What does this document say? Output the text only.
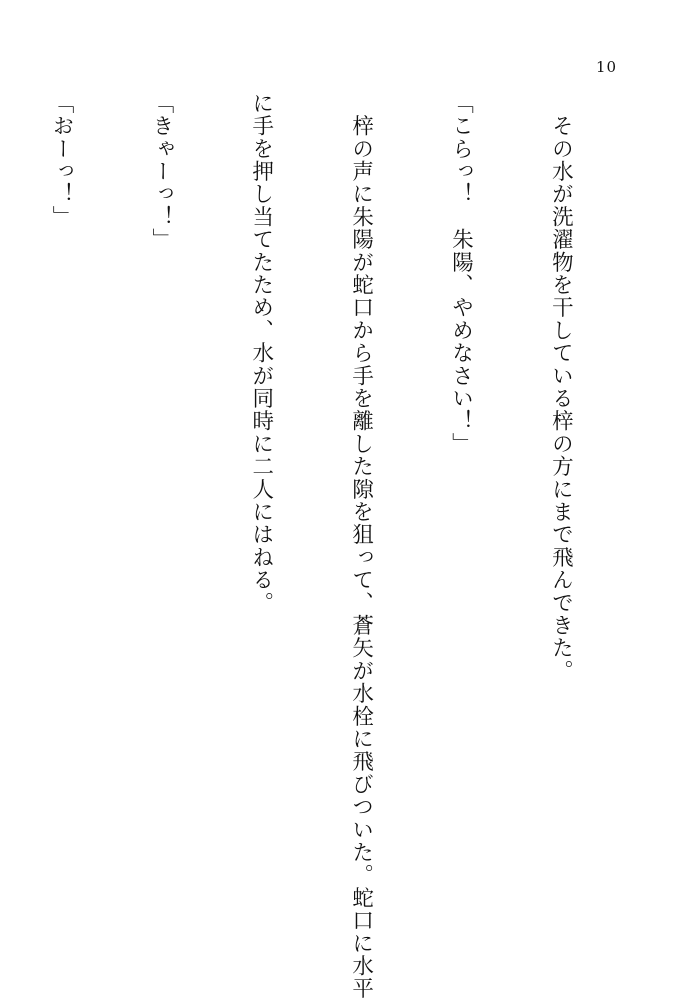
10

　その水が洗濯物を干している梓の方にまで飛んできた。

「こらっ！　朱陽、やめなさい！」

　梓の声に朱陽が蛇口から手を離した隙を狙って、蒼矢が水栓に飛びついた。蛇口に水平

に手を押し当てたため、水が同時に二人にはねる。

「きゃーっ！」

「おーっ！」
